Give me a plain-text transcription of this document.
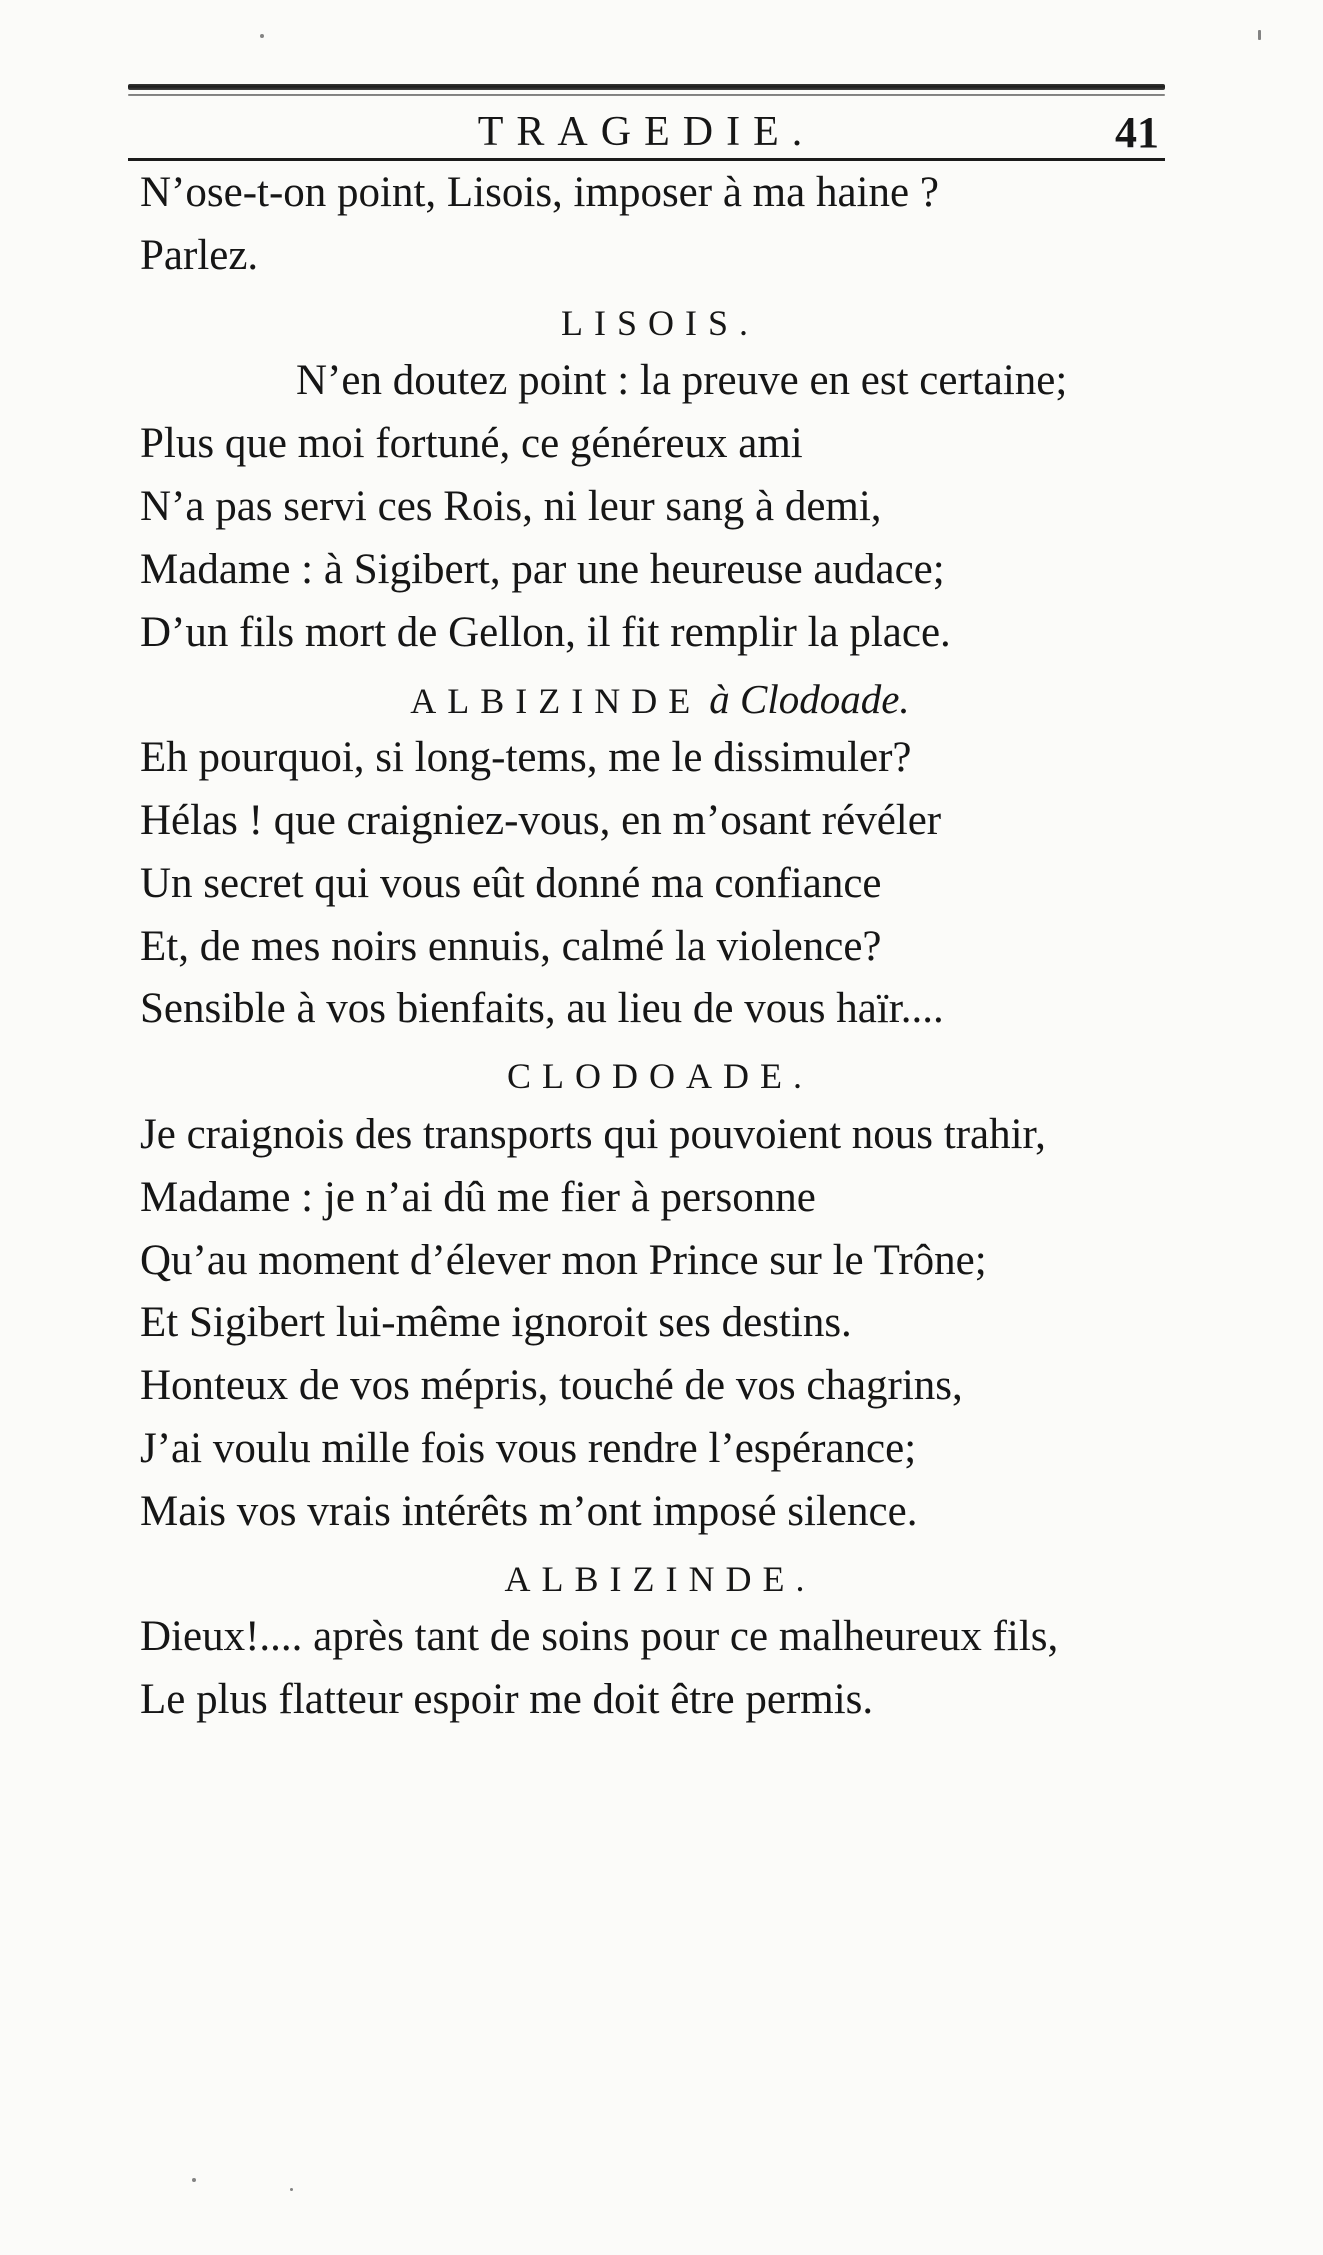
TRAGEDIE.	41
N’ose-t-on point, Lisois, imposer à ma haine ?
Parlez.
LISOIS.
N’en doutez point : la preuve en est certaine;
Plus que moi fortuné, ce généreux ami
N’a pas servi ces Rois, ni leur sang à demi,
Madame : à Sigibert, par une heureuse audace;
D’un fils mort de Gellon, il fit remplir la place.
ALBIZINDE à Clodoade.
Eh pourquoi, si long-tems, me le dissimuler?
Hélas ! que craigniez-vous, en m’osant révéler
Un secret qui vous eût donné ma confiance
Et, de mes noirs ennuis, calmé la violence?
Sensible à vos bienfaits, au lieu de vous haïr....
CLODOADE.
Je craignois des transports qui pouvoient nous trahir,
Madame : je n’ai dû me fier à personne
Qu’au moment d’élever mon Prince sur le Trône;
Et Sigibert lui-même ignoroit ses destins.
Honteux de vos mépris, touché de vos chagrins,
J’ai voulu mille fois vous rendre l’espérance;
Mais vos vrais intérêts m’ont imposé silence.
ALBIZINDE.
Dieux!.... après tant de soins pour ce malheureux fils,
Le plus flatteur espoir me doit être permis.
